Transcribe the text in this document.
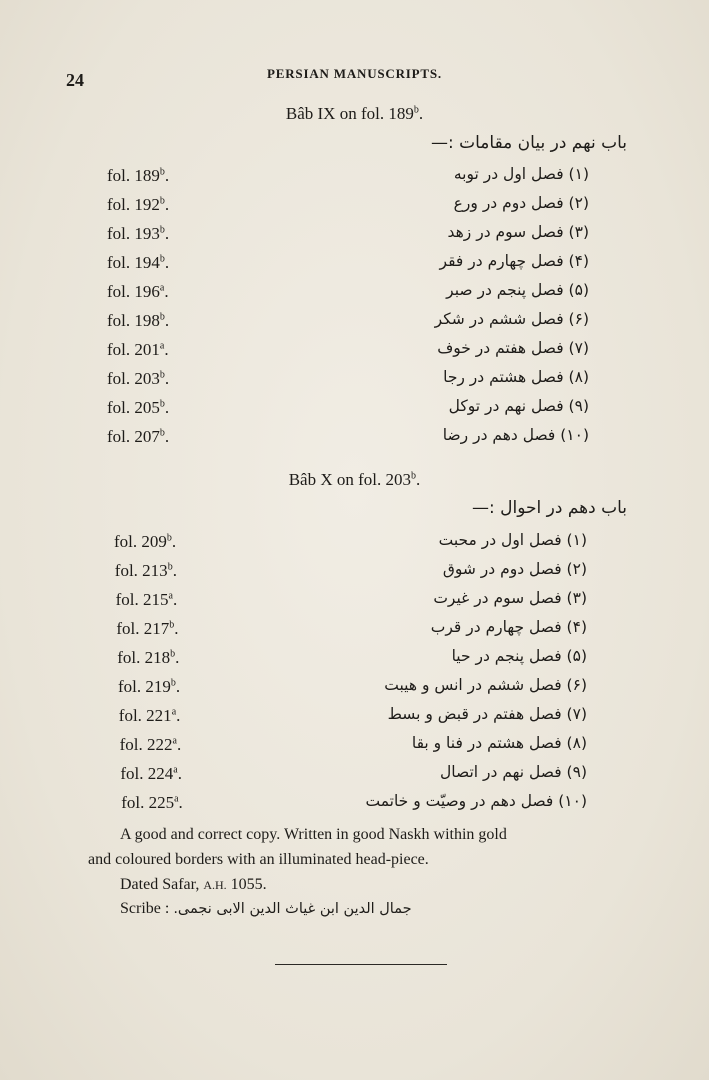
24	PERSIAN MANUSCRIPTS.
Bâb IX on fol. 189$^b$.
باب نهم در بیان مقامات :—
fol. 189$^b$.	(۱) فصل اول در توبه
fol. 192$^b$.	(۲) فصل دوم در ورع
fol. 193$^b$.	(۳) فصل سوم در زهد
fol. 194$^b$.	(۴) فصل چهارم در فقر
fol. 196$^a$.	(۵) فصل پنجم در صبر
fol. 198$^b$.	(۶) فصل ششم در شکر
fol. 201$^a$.	(۷) فصل هفتم در خوف
fol. 203$^b$.	(۸) فصل هشتم در رجا
fol. 205$^b$.	(۹) فصل نهم در توکل
fol. 207$^b$.	(۱۰) فصل دهم در رضا
Bâb X on fol. 203$^b$.
باب دهم در احوال :—
fol. 209$^b$.	(۱) فصل اول در محبت
fol. 213$^b$.	(۲) فصل دوم در شوق
fol. 215$^a$.	(۳) فصل سوم در غیرت
fol. 217$^b$.	(۴) فصل چهارم در قرب
fol. 218$^b$.	(۵) فصل پنجم در حیا
fol. 219$^b$.	(۶) فصل ششم در انس و هیبت
fol. 221$^a$.	(۷) فصل هفتم در قبض و بسط
fol. 222$^a$.	(۸) فصل هشتم در فنا و بقا
fol. 224$^a$.	(۹) فصل نهم در اتصال
fol. 225$^a$.	(۱۰) فصل دهم در وصیّت و خاتمت
A good and correct copy. Written in good Naskh within gold
and coloured borders with an illuminated head-piece.
Dated Safar, A.H. 1055.
Scribe : جمال الدین ابن غیاث الدین الابی نجمی.
